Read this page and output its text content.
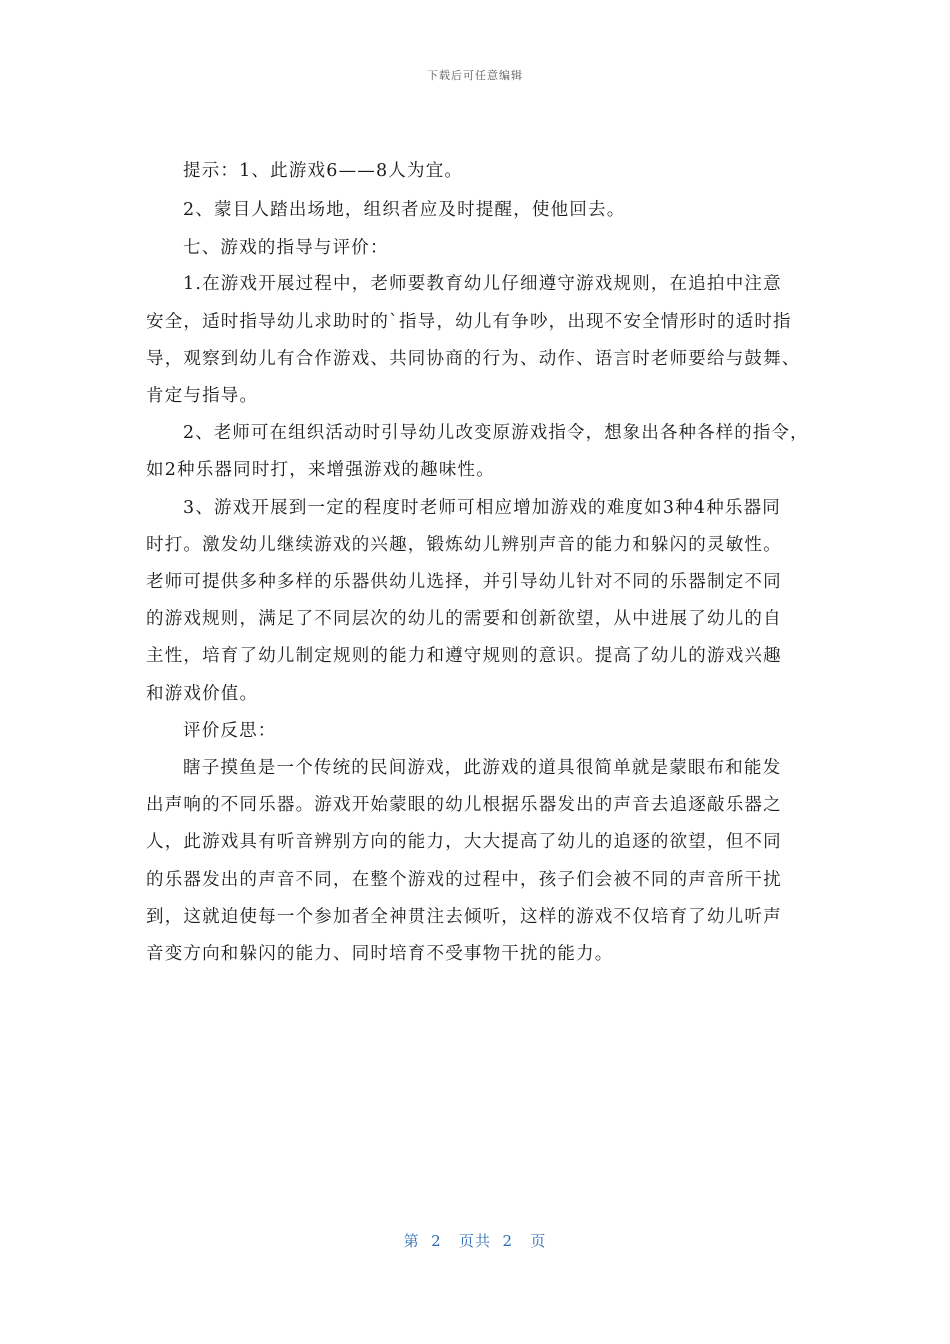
下载后可任意编辑
提示：1、此游戏6——8人为宜。
2、蒙目人踏出场地，组织者应及时提醒，使他回去。
七、游戏的指导与评价：
1.在游戏开展过程中，老师要教育幼儿仔细遵守游戏规则，在追拍中注意
安全，适时指导幼儿求助时的`指导，幼儿有争吵，出现不安全情形时的适时指
导，观察到幼儿有合作游戏、共同协商的行为、动作、语言时老师要给与鼓舞、
肯定与指导。
2、老师可在组织活动时引导幼儿改变原游戏指令，想象出各种各样的指令，
如2种乐器同时打，来增强游戏的趣味性。
3、游戏开展到一定的程度时老师可相应增加游戏的难度如3种4种乐器同
时打。激发幼儿继续游戏的兴趣，锻炼幼儿辨别声音的能力和躲闪的灵敏性。
老师可提供多种多样的乐器供幼儿选择，并引导幼儿针对不同的乐器制定不同
的游戏规则，满足了不同层次的幼儿的需要和创新欲望，从中进展了幼儿的自
主性，培育了幼儿制定规则的能力和遵守规则的意识。提高了幼儿的游戏兴趣
和游戏价值。
评价反思：
瞎子摸鱼是一个传统的民间游戏，此游戏的道具很简单就是蒙眼布和能发
出声响的不同乐器。游戏开始蒙眼的幼儿根据乐器发出的声音去追逐敲乐器之
人，此游戏具有听音辨别方向的能力，大大提高了幼儿的追逐的欲望，但不同
的乐器发出的声音不同，在整个游戏的过程中，孩子们会被不同的声音所干扰
到，这就迫使每一个参加者全神贯注去倾听，这样的游戏不仅培育了幼儿听声
音变方向和躲闪的能力、同时培育不受事物干扰的能力。
第  2   页共  2   页
